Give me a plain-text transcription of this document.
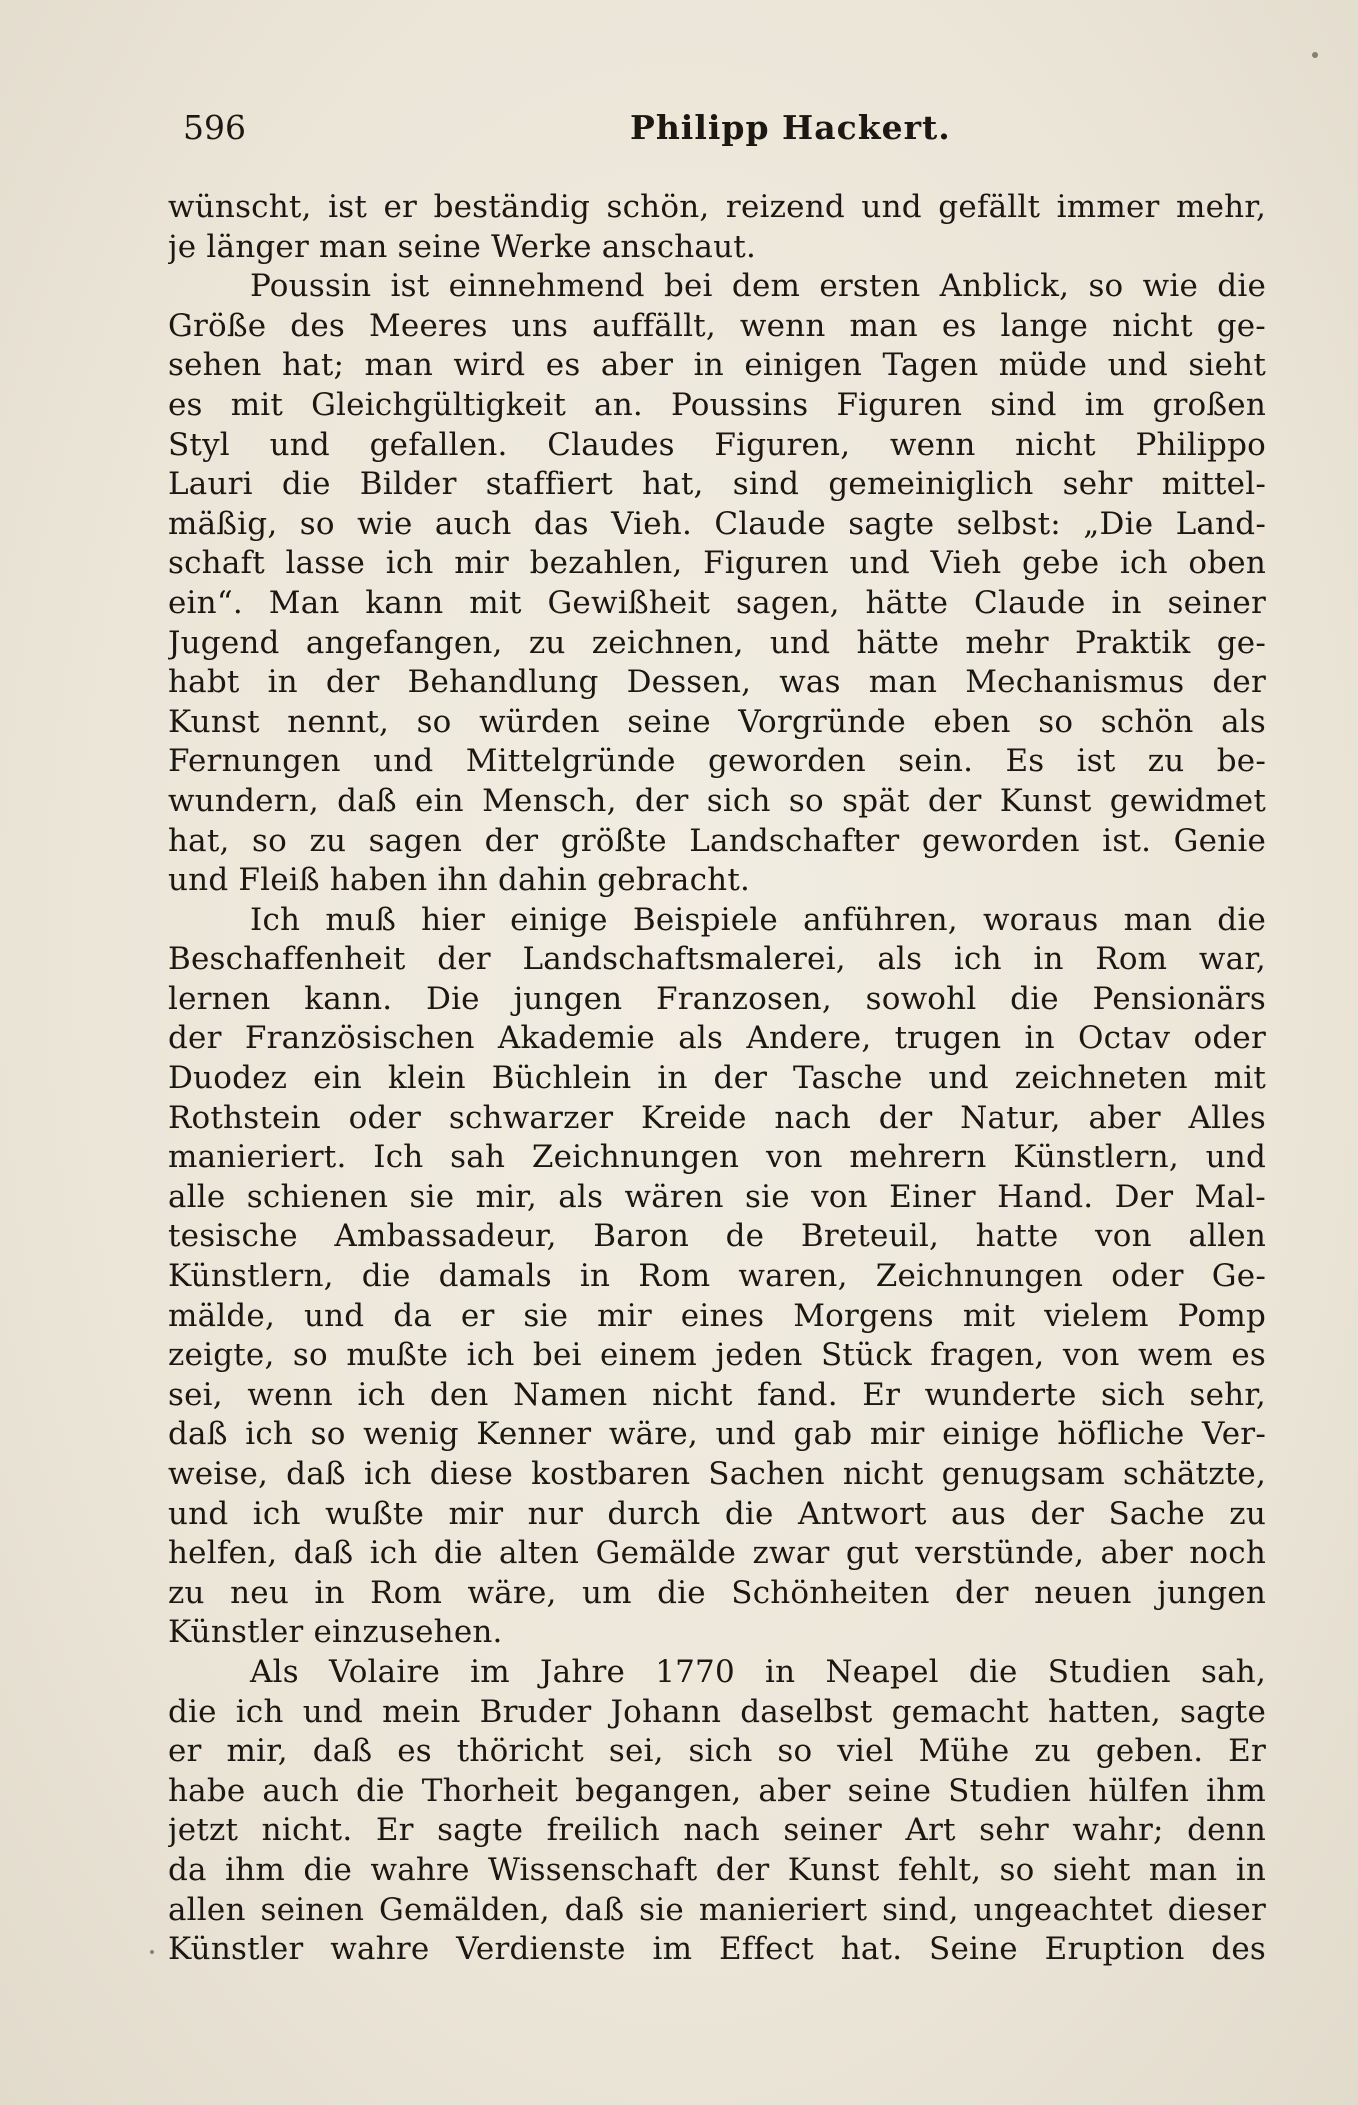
596	Philipp Hackert.
wünscht, ist er beständig schön, reizend und gefällt immer mehr,
je länger man seine Werke anschaut.
Poussin ist einnehmend bei dem ersten Anblick, so wie die
Größe des Meeres uns auffällt, wenn man es lange nicht ge-
sehen hat; man wird es aber in einigen Tagen müde und sieht
es mit Gleichgültigkeit an. Poussins Figuren sind im großen
Styl und gefallen. Claudes Figuren, wenn nicht Philippo
Lauri die Bilder staffiert hat, sind gemeiniglich sehr mittel-
mäßig, so wie auch das Vieh. Claude sagte selbst: „Die Land-
schaft lasse ich mir bezahlen, Figuren und Vieh gebe ich oben
ein“. Man kann mit Gewißheit sagen, hätte Claude in seiner
Jugend angefangen, zu zeichnen, und hätte mehr Praktik ge-
habt in der Behandlung Dessen, was man Mechanismus der
Kunst nennt, so würden seine Vorgründe eben so schön als
Fernungen und Mittelgründe geworden sein. Es ist zu be-
wundern, daß ein Mensch, der sich so spät der Kunst gewidmet
hat, so zu sagen der größte Landschafter geworden ist. Genie
und Fleiß haben ihn dahin gebracht.
Ich muß hier einige Beispiele anführen, woraus man die
Beschaffenheit der Landschaftsmalerei, als ich in Rom war,
lernen kann. Die jungen Franzosen, sowohl die Pensionärs
der Französischen Akademie als Andere, trugen in Octav oder
Duodez ein klein Büchlein in der Tasche und zeichneten mit
Rothstein oder schwarzer Kreide nach der Natur, aber Alles
manieriert. Ich sah Zeichnungen von mehrern Künstlern, und
alle schienen sie mir, als wären sie von Einer Hand. Der Mal-
tesische Ambassadeur, Baron de Breteuil, hatte von allen
Künstlern, die damals in Rom waren, Zeichnungen oder Ge-
mälde, und da er sie mir eines Morgens mit vielem Pomp
zeigte, so mußte ich bei einem jeden Stück fragen, von wem es
sei, wenn ich den Namen nicht fand. Er wunderte sich sehr,
daß ich so wenig Kenner wäre, und gab mir einige höfliche Ver-
weise, daß ich diese kostbaren Sachen nicht genugsam schätzte,
und ich wußte mir nur durch die Antwort aus der Sache zu
helfen, daß ich die alten Gemälde zwar gut verstünde, aber noch
zu neu in Rom wäre, um die Schönheiten der neuen jungen
Künstler einzusehen.
Als Volaire im Jahre 1770 in Neapel die Studien sah,
die ich und mein Bruder Johann daselbst gemacht hatten, sagte
er mir, daß es thöricht sei, sich so viel Mühe zu geben. Er
habe auch die Thorheit begangen, aber seine Studien hülfen ihm
jetzt nicht. Er sagte freilich nach seiner Art sehr wahr; denn
da ihm die wahre Wissenschaft der Kunst fehlt, so sieht man in
allen seinen Gemälden, daß sie manieriert sind, ungeachtet dieser
Künstler wahre Verdienste im Effect hat. Seine Eruption des
